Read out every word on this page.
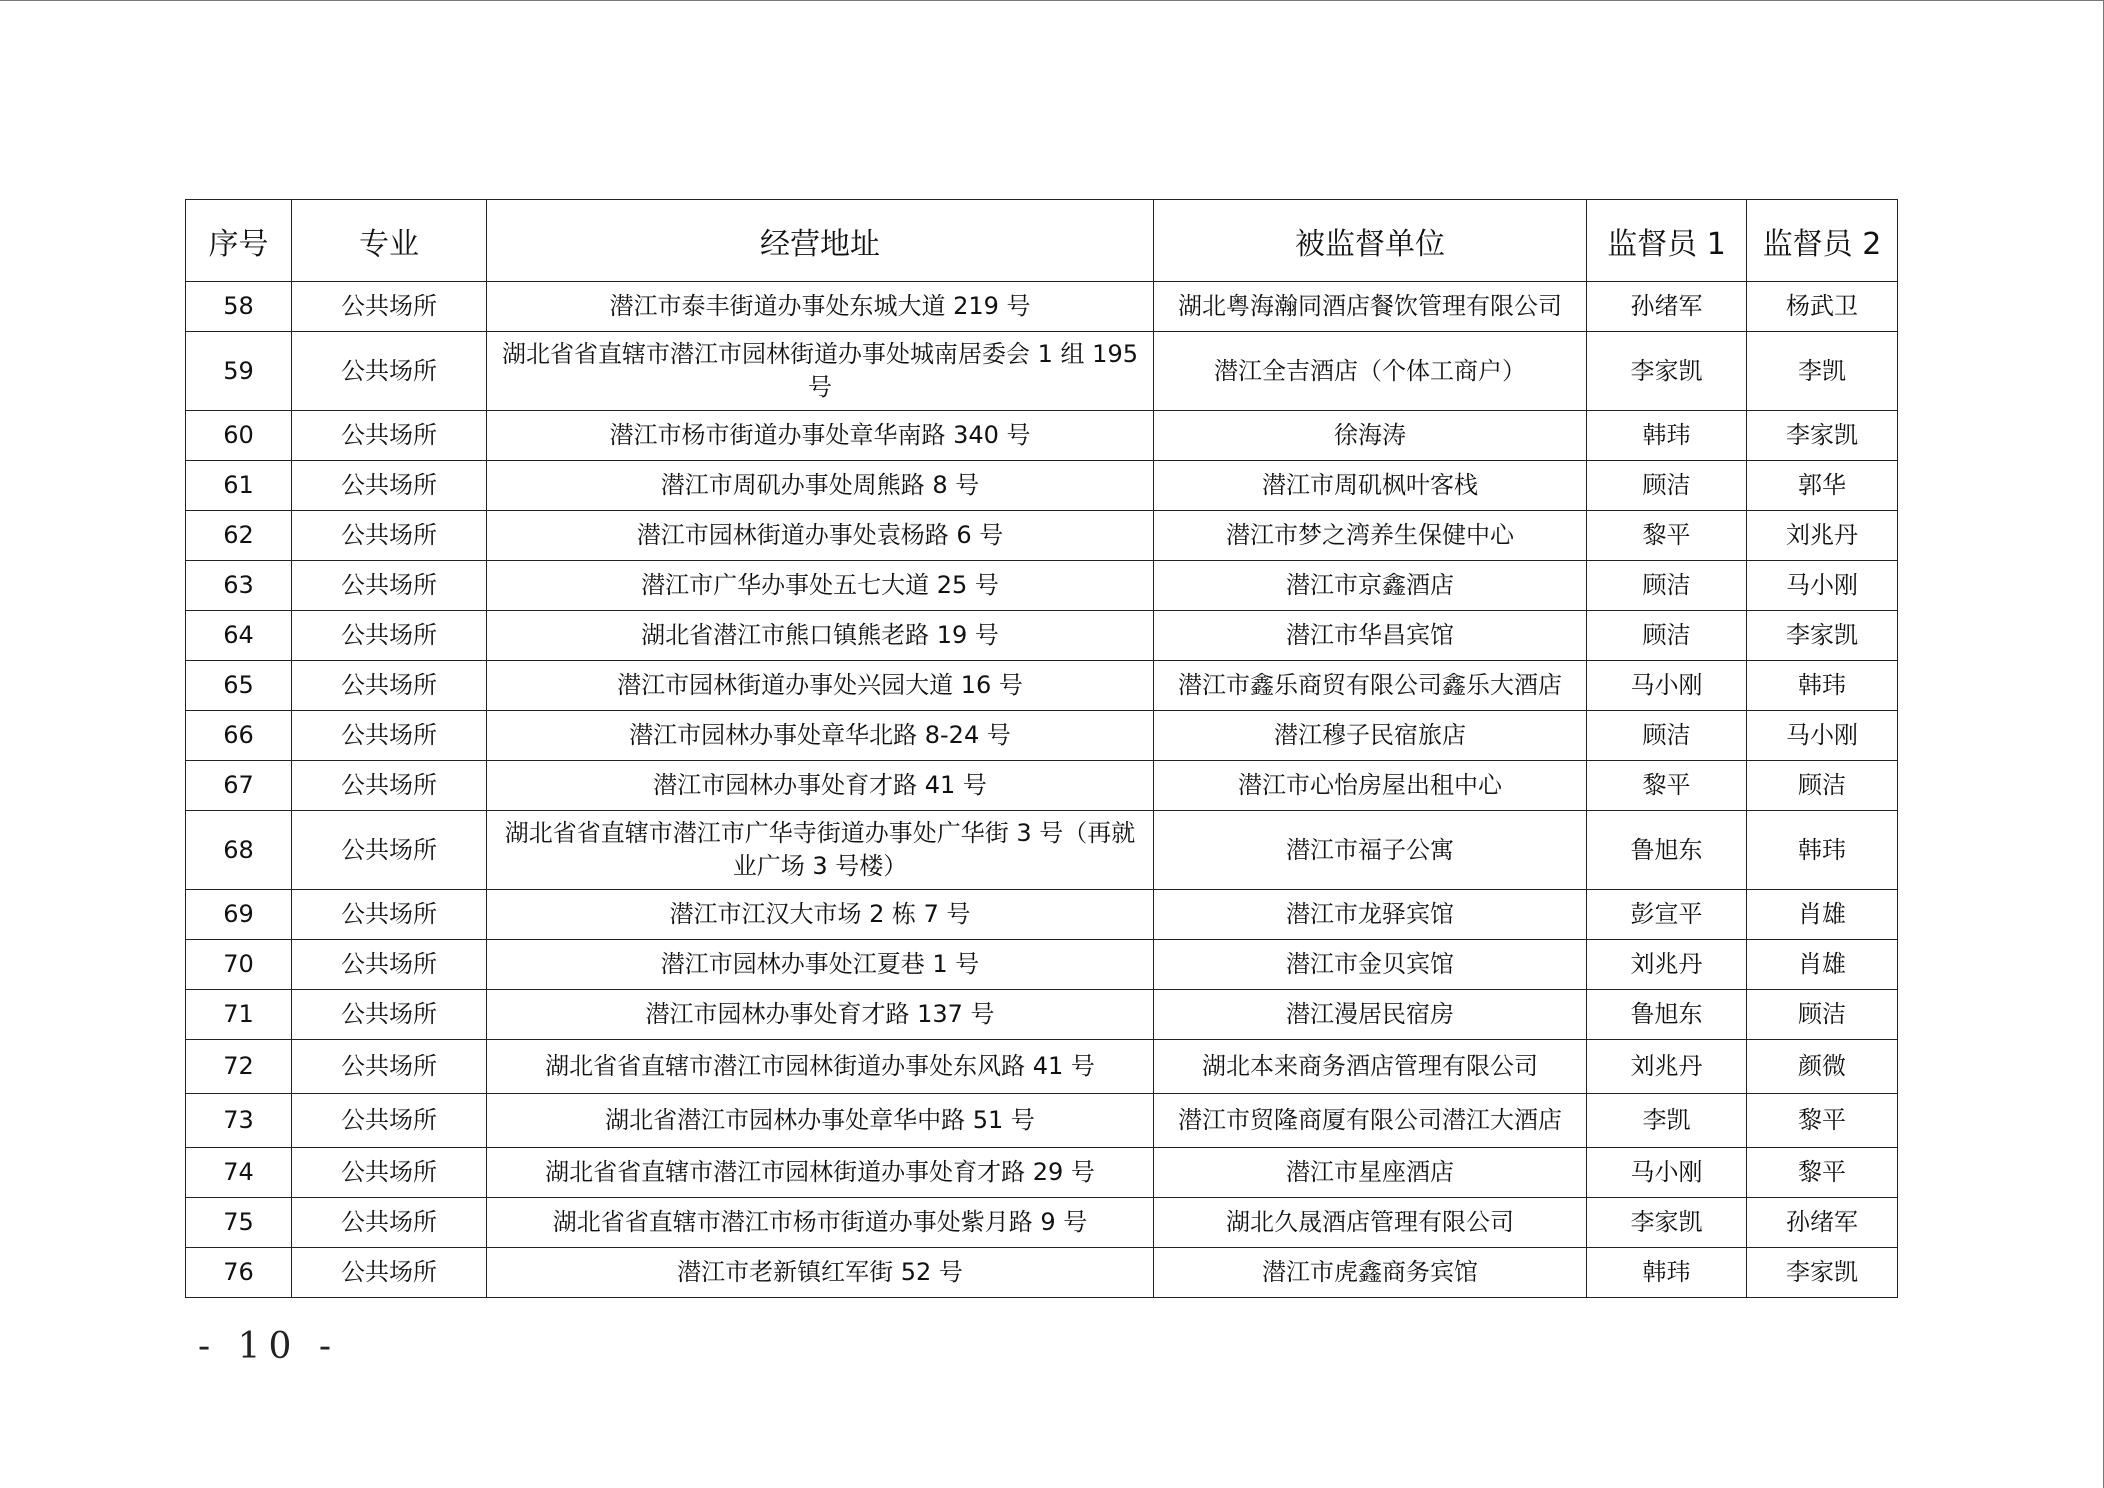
序号	专业	经营地址	被监督单位	监督员 1	监督员 2
58	公共场所	潜江市泰丰街道办事处东城大道 219 号	湖北粤海瀚同酒店餐饮管理有限公司	孙绪军	杨武卫
59	公共场所	湖北省省直辖市潜江市园林街道办事处城南居委会 1 组 195 号	潜江全吉酒店（个体工商户）	李家凯	李凯
60	公共场所	潜江市杨市街道办事处章华南路 340 号	徐海涛	韩玮	李家凯
61	公共场所	潜江市周矶办事处周熊路 8 号	潜江市周矶枫叶客栈	顾洁	郭华
62	公共场所	潜江市园林街道办事处袁杨路 6 号	潜江市梦之湾养生保健中心	黎平	刘兆丹
63	公共场所	潜江市广华办事处五七大道 25 号	潜江市京鑫酒店	顾洁	马小刚
64	公共场所	湖北省潜江市熊口镇熊老路 19 号	潜江市华昌宾馆	顾洁	李家凯
65	公共场所	潜江市园林街道办事处兴园大道 16 号	潜江市鑫乐商贸有限公司鑫乐大酒店	马小刚	韩玮
66	公共场所	潜江市园林办事处章华北路 8-24 号	潜江穆子民宿旅店	顾洁	马小刚
67	公共场所	潜江市园林办事处育才路 41 号	潜江市心怡房屋出租中心	黎平	顾洁
68	公共场所	湖北省省直辖市潜江市广华寺街道办事处广华街 3 号（再就业广场 3 号楼）	潜江市福子公寓	鲁旭东	韩玮
69	公共场所	潜江市江汉大市场 2 栋 7 号	潜江市龙驿宾馆	彭宣平	肖雄
70	公共场所	潜江市园林办事处江夏巷 1 号	潜江市金贝宾馆	刘兆丹	肖雄
71	公共场所	潜江市园林办事处育才路 137 号	潜江漫居民宿房	鲁旭东	顾洁
72	公共场所	湖北省省直辖市潜江市园林街道办事处东风路 41 号	湖北本来商务酒店管理有限公司	刘兆丹	颜微
73	公共场所	湖北省潜江市园林办事处章华中路 51 号	潜江市贸隆商厦有限公司潜江大酒店	李凯	黎平
74	公共场所	湖北省省直辖市潜江市园林街道办事处育才路 29 号	潜江市星座酒店	马小刚	黎平
75	公共场所	湖北省省直辖市潜江市杨市街道办事处紫月路 9 号	湖北久晟酒店管理有限公司	李家凯	孙绪军
76	公共场所	潜江市老新镇红军街 52 号	潜江市虎鑫商务宾馆	韩玮	李家凯
- 10 -
